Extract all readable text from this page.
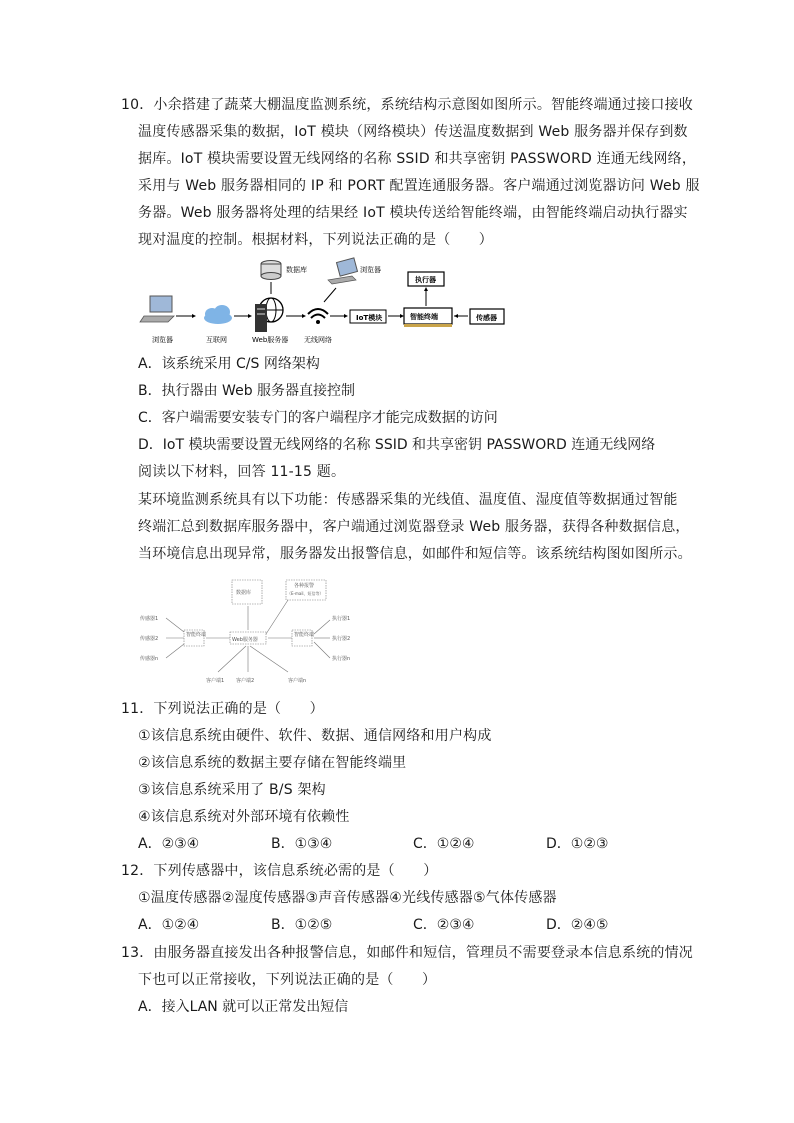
10．小余搭建了蔬菜大棚温度监测系统，系统结构示意图如图所示。智能终端通过接口接收
温度传感器采集的数据，IoT 模块（网络模块）传送温度数据到 Web 服务器并保存到数
据库。IoT 模块需要设置无线网络的名称 SSID 和共享密钥 PASSWORD 连通无线网络，
采用与 Web 服务器相同的 IP 和 PORT 配置连通服务器。客户端通过浏览器访问 Web 服
务器。Web 服务器将处理的结果经 IoT 模块传送给智能终端，由智能终端启动执行器实
现对温度的控制。根据材料，下列说法正确的是（　　）
浏览器	互联网
数据库
Web服务器 无线网络
浏览器
IoT模块
执行器
智能终端	传感器
A．该系统采用 C/S 网络架构
B．执行器由 Web 服务器直接控制
C．客户端需要安装专门的客户端程序才能完成数据的访问
D．IoT 模块需要设置无线网络的名称 SSID 和共享密钥 PASSWORD 连通无线网络
阅读以下材料，回答 11-15 题。
某环境监测系统具有以下功能：传感器采集的光线值、温度值、湿度值等数据通过智能
终端汇总到数据库服务器中，客户端通过浏览器登录 Web 服务器，获得各种数据信息，
当环境信息出现异常，服务器发出报警信息，如邮件和短信等。该系统结构图如图所示。
传感器1
传感器2
传感器n
智能终端
数据库
Web服务器
各种报警
（E-mail、短信等）
智能终端
执行器1
执行器2
执行器n
客户端1 客户端2	客户端n
11．下列说法正确的是（　　）
①该信息系统由硬件、软件、数据、通信网络和用户构成
②该信息系统的数据主要存储在智能终端里
③该信息系统采用了 B/S 架构
④该信息系统对外部环境有依赖性
A．②③④	B．①③④	C．①②④	D．①②③
12．下列传感器中，该信息系统必需的是（　　）
①温度传感器②湿度传感器③声音传感器④光线传感器⑤气体传感器
A．①②④	B．①②⑤	C．②③④	D．②④⑤
13．由服务器直接发出各种报警信息，如邮件和短信，管理员不需要登录本信息系统的情况
下也可以正常接收，下列说法正确的是（　　）
A．接入LAN 就可以正常发出短信
